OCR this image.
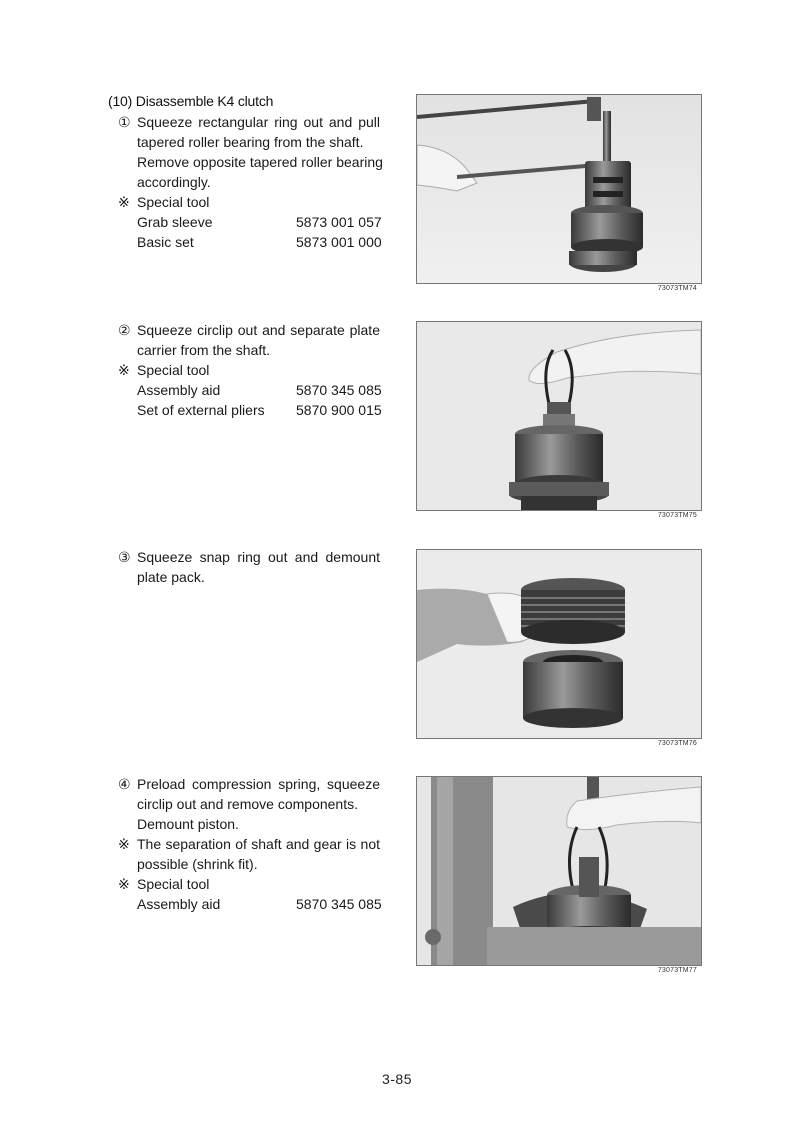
(10) Disassemble K4 clutch
① Squeeze rectangular ring out and pull
tapered roller bearing from the shaft.
Remove opposite tapered roller bearing
accordingly.
※ Special tool
Grab sleeve	5873 001 057
Basic set	5873 001 000
73073TM74
② Squeeze circlip out and separate plate
carrier from the shaft.
※ Special tool
Assembly aid	5870 345 085
Set of external pliers	5870 900 015
73073TM75
③ Squeeze snap ring out and demount
plate pack.
73073TM76
④ Preload compression spring, squeeze
circlip out and remove components.
Demount piston.
※ The separation of shaft and gear is not
possible (shrink fit).
※ Special tool
Assembly aid	5870 345 085
73073TM77
3-85
